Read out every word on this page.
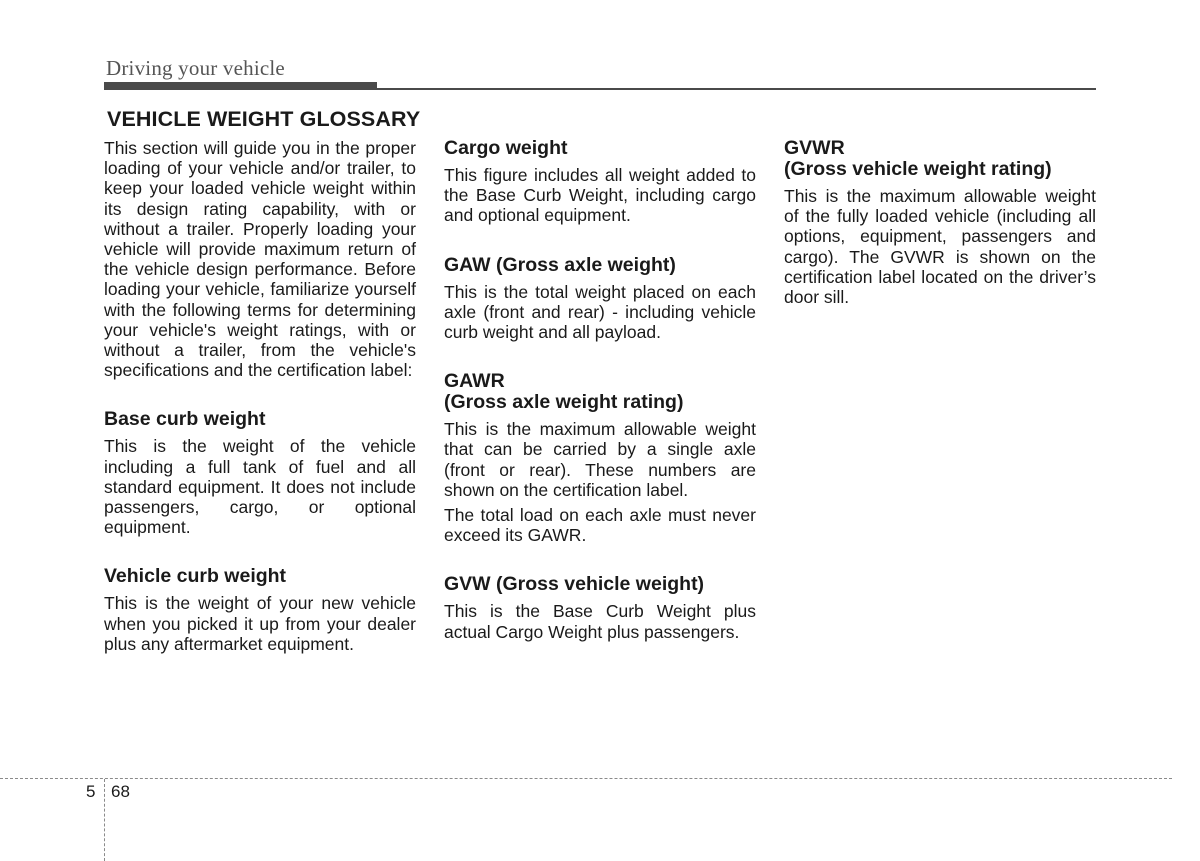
Driving your vehicle
VEHICLE WEIGHT GLOSSARY

This section will guide you in the proper loading of your vehicle and/or trailer, to keep your loaded vehicle weight within its design rating capability, with or without a trailer. Properly loading your vehicle will provide maximum return of the vehicle design performance. Before loading your vehicle, familiarize yourself with the following terms for determining your vehicle's weight ratings, with or without a trailer, from the vehicle's specifications and the certification label:

Base curb weight

This is the weight of the vehicle including a full tank of fuel and all standard equipment. It does not include passengers, cargo, or optional equipment.

Vehicle curb weight

This is the weight of your new vehicle when you picked it up from your dealer plus any aftermarket equipment.

Cargo weight

This figure includes all weight added to the Base Curb Weight, including cargo and optional equipment.

GAW (Gross axle weight)

This is the total weight placed on each axle (front and rear) - including vehicle curb weight and all payload.

GAWR
(Gross axle weight rating)

This is the maximum allowable weight that can be carried by a single axle (front or rear). These numbers are shown on the certification label.

The total load on each axle must never exceed its GAWR.

GVW (Gross vehicle weight)

This is the Base Curb Weight plus actual Cargo Weight plus passengers.

GVWR
(Gross vehicle weight rating)

This is the maximum allowable weight of the fully loaded vehicle (including all options, equipment, passengers and cargo). The GVWR is shown on the certification label located on the driver’s door sill.

5 68
